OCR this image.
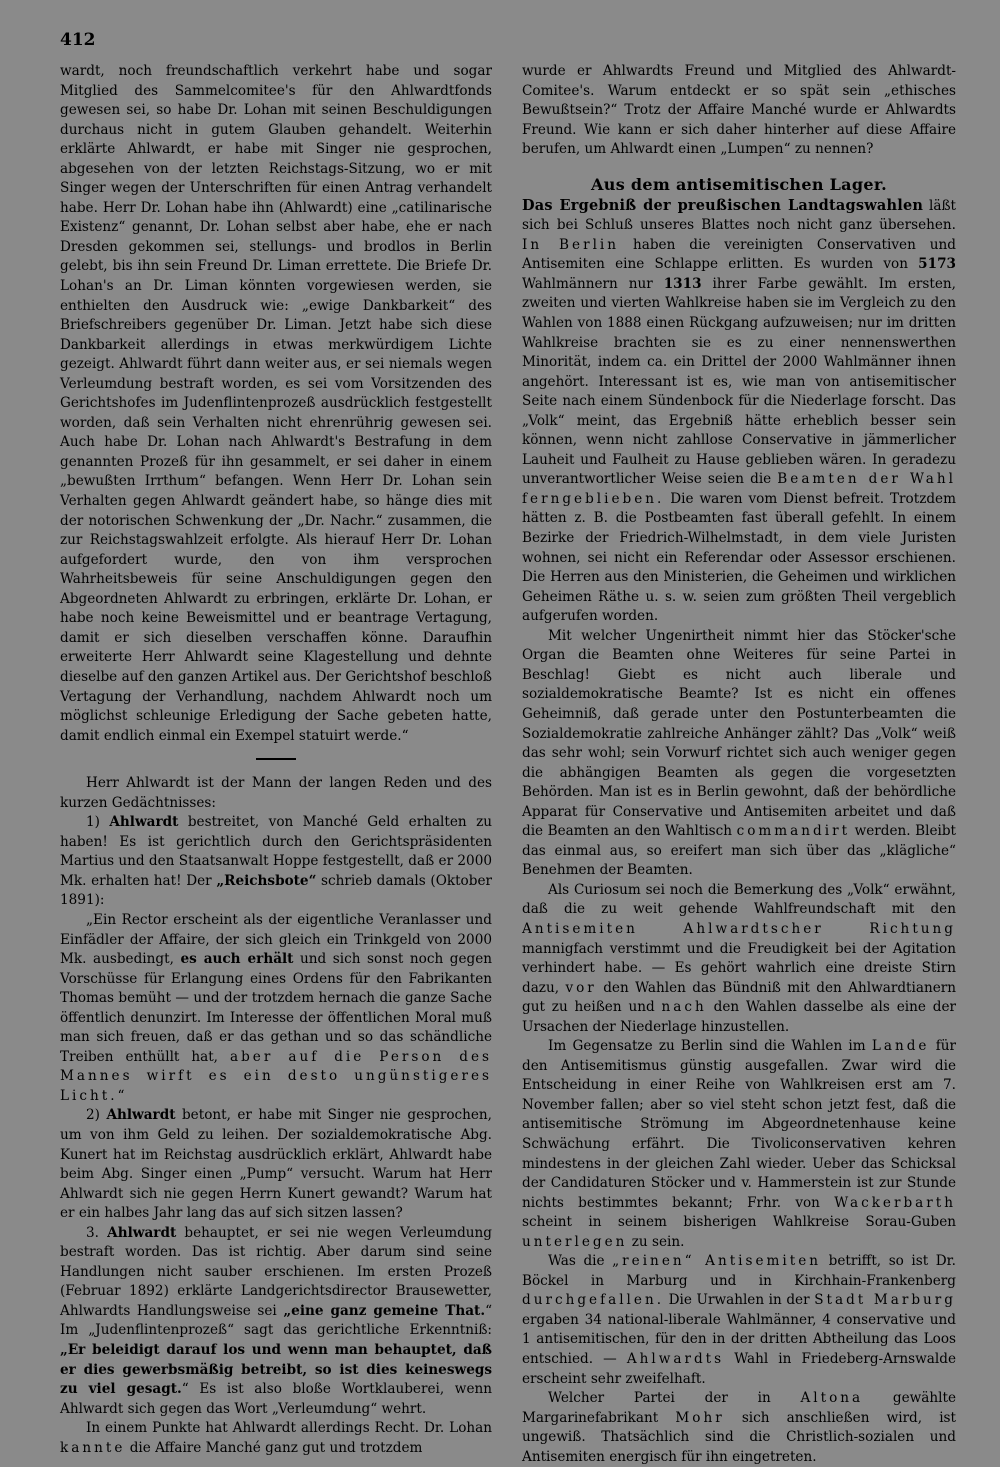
412

wardt, noch freundschaftlich verkehrt habe und sogar Mitglied des Sammelcomitee's für den Ahlwardtfonds gewesen sei, so habe Dr. Lohan mit seinen Beschuldigungen durchaus nicht in gutem Glauben gehandelt. Weiterhin erklärte Ahlwardt, er habe mit Singer nie gesprochen, abgesehen von der letzten Reichstags-Sitzung, wo er mit Singer wegen der Unterschriften für einen Antrag verhandelt habe. Herr Dr. Lohan habe ihn (Ahlwardt) eine „catilinarische Existenz“ genannt, Dr. Lohan selbst aber habe, ehe er nach Dresden gekommen sei, stellungs- und brodlos in Berlin gelebt, bis ihn sein Freund Dr. Liman errettete. Die Briefe Dr. Lohan's an Dr. Liman könnten vorgewiesen werden, sie enthielten den Ausdruck wie: „ewige Dankbarkeit“ des Briefschreibers gegenüber Dr. Liman. Jetzt habe sich diese Dankbarkeit allerdings in etwas merkwürdigem Lichte gezeigt. Ahlwardt führt dann weiter aus, er sei niemals wegen Verleumdung bestraft worden, es sei vom Vorsitzenden des Gerichtshofes im Judenflintenprozeß ausdrücklich festgestellt worden, daß sein Verhalten nicht ehrenrührig gewesen sei. Auch habe Dr. Lohan nach Ahlwardt's Bestrafung in dem genannten Prozeß für ihn gesammelt, er sei daher in einem „bewußten Irrthum“ befangen. Wenn Herr Dr. Lohan sein Verhalten gegen Ahlwardt geändert habe, so hänge dies mit der notorischen Schwenkung der „Dr. Nachr.“ zusammen, die zur Reichstagswahlzeit erfolgte. Als hierauf Herr Dr. Lohan aufgefordert wurde, den von ihm versprochen Wahrheitsbeweis für seine Anschuldigungen gegen den Abgeordneten Ahlwardt zu erbringen, erklärte Dr. Lohan, er habe noch keine Beweismittel und er beantrage Vertagung, damit er sich dieselben verschaffen könne. Daraufhin erweiterte Herr Ahlwardt seine Klagestellung und dehnte dieselbe auf den ganzen Artikel aus. Der Gerichtshof beschloß Vertagung der Verhandlung, nachdem Ahlwardt noch um möglichst schleunige Erledigung der Sache gebeten hatte, damit endlich einmal ein Exempel statuirt werde.“

Herr Ahlwardt ist der Mann der langen Reden und des kurzen Gedächtnisses:

1) Ahlwardt bestreitet, von Manché Geld erhalten zu haben! Es ist gerichtlich durch den Gerichtspräsidenten Martius und den Staatsanwalt Hoppe festgestellt, daß er 2000 Mk. erhalten hat! Der „Reichsbote“ schrieb damals (Oktober 1891):

„Ein Rector erscheint als der eigentliche Veranlasser und Einfädler der Affaire, der sich gleich ein Trinkgeld von 2000 Mk. ausbedingt, es auch erhält und sich sonst noch gegen Vorschüsse für Erlangung eines Ordens für den Fabrikanten Thomas bemüht — und der trotzdem hernach die ganze Sache öffentlich denunzirt. Im Interesse der öffentlichen Moral muß man sich freuen, daß er das gethan und so das schändliche Treiben enthüllt hat, aber auf die Person des Mannes wirft es ein desto ungünstigeres Licht.“

2) Ahlwardt betont, er habe mit Singer nie gesprochen, um von ihm Geld zu leihen. Der sozialdemokratische Abg. Kunert hat im Reichstag ausdrücklich erklärt, Ahlwardt habe beim Abg. Singer einen „Pump“ versucht. Warum hat Herr Ahlwardt sich nie gegen Herrn Kunert gewandt? Warum hat er ein halbes Jahr lang das auf sich sitzen lassen?

3. Ahlwardt behauptet, er sei nie wegen Verleumdung bestraft worden. Das ist richtig. Aber darum sind seine Handlungen nicht sauber erschienen. Im ersten Prozeß (Februar 1892) erklärte Landgerichtsdirector Brausewetter, Ahlwardts Handlungsweise sei „eine ganz gemeine That.“ Im „Judenflintenprozeß“ sagt das gerichtliche Erkenntniß: „Er beleidigt darauf los und wenn man behauptet, daß er dies gewerbsmäßig betreibt, so ist dies keineswegs zu viel gesagt.“ Es ist also bloße Wortklauberei, wenn Ahlwardt sich gegen das Wort „Verleumdung“ wehrt.

In einem Punkte hat Ahlwardt allerdings Recht. Dr. Lohan kannte die Affaire Manché ganz gut und trotzdem

wurde er Ahlwardts Freund und Mitglied des Ahlwardt-Comitee's. Warum entdeckt er so spät sein „ethisches Bewußtsein?“ Trotz der Affaire Manché wurde er Ahlwardts Freund. Wie kann er sich daher hinterher auf diese Affaire berufen, um Ahlwardt einen „Lumpen“ zu nennen?

Aus dem antisemitischen Lager.

Das Ergebniß der preußischen Landtagswahlen läßt sich bei Schluß unseres Blattes noch nicht ganz übersehen. In Berlin haben die vereinigten Conservativen und Antisemiten eine Schlappe erlitten. Es wurden von 5173 Wahlmännern nur 1313 ihrer Farbe gewählt. Im ersten, zweiten und vierten Wahlkreise haben sie im Vergleich zu den Wahlen von 1888 einen Rückgang aufzuweisen; nur im dritten Wahlkreise brachten sie es zu einer nennenswerthen Minorität, indem ca. ein Drittel der 2000 Wahlmänner ihnen angehört. Interessant ist es, wie man von antisemitischer Seite nach einem Sündenbock für die Niederlage forscht. Das „Volk“ meint, das Ergebniß hätte erheblich besser sein können, wenn nicht zahllose Conservative in jämmerlicher Lauheit und Faulheit zu Hause geblieben wären. In geradezu unverantwortlicher Weise seien die Beamten der Wahl ferngeblieben. Die waren vom Dienst befreit. Trotzdem hätten z. B. die Postbeamten fast überall gefehlt. In einem Bezirke der Friedrich-Wilhelmstadt, in dem viele Juristen wohnen, sei nicht ein Referendar oder Assessor erschienen. Die Herren aus den Ministerien, die Geheimen und wirklichen Geheimen Räthe u. s. w. seien zum größten Theil vergeblich aufgerufen worden.

Mit welcher Ungenirtheit nimmt hier das Stöcker'sche Organ die Beamten ohne Weiteres für seine Partei in Beschlag! Giebt es nicht auch liberale und sozialdemokratische Beamte? Ist es nicht ein offenes Geheimniß, daß gerade unter den Postunterbeamten die Sozialdemokratie zahlreiche Anhänger zählt? Das „Volk“ weiß das sehr wohl; sein Vorwurf richtet sich auch weniger gegen die abhängigen Beamten als gegen die vorgesetzten Behörden. Man ist es in Berlin gewohnt, daß der behördliche Apparat für Conservative und Antisemiten arbeitet und daß die Beamten an den Wahltisch commandirt werden. Bleibt das einmal aus, so ereifert man sich über das „klägliche“ Benehmen der Beamten.

Als Curiosum sei noch die Bemerkung des „Volk“ erwähnt, daß die zu weit gehende Wahlfreundschaft mit den Antisemiten Ahlwardtscher Richtung mannigfach verstimmt und die Freudigkeit bei der Agitation verhindert habe. — Es gehört wahrlich eine dreiste Stirn dazu, vor den Wahlen das Bündniß mit den Ahlwardtianern gut zu heißen und nach den Wahlen dasselbe als eine der Ursachen der Niederlage hinzustellen.

Im Gegensatze zu Berlin sind die Wahlen im Lande für den Antisemitismus günstig ausgefallen. Zwar wird die Entscheidung in einer Reihe von Wahlkreisen erst am 7. November fallen; aber so viel steht schon jetzt fest, daß die antisemitische Strömung im Abgeordnetenhause keine Schwächung erfährt. Die Tivoliconservativen kehren mindestens in der gleichen Zahl wieder. Ueber das Schicksal der Candidaturen Stöcker und v. Hammerstein ist zur Stunde nichts bestimmtes bekannt; Frhr. von Wackerbarth scheint in seinem bisherigen Wahlkreise Sorau-Guben unterlegen zu sein.

Was die „reinen“ Antisemiten betrifft, so ist Dr. Böckel in Marburg und in Kirchhain-Frankenberg durchgefallen. Die Urwahlen in der Stadt Marburg ergaben 34 national-liberale Wahlmänner, 4 conservative und 1 antisemitischen, für den in der dritten Abtheilung das Loos entschied. — Ahlwardts Wahl in Friedeberg-Arnswalde erscheint sehr zweifelhaft.

Welcher Partei der in Altona gewählte Margarinefabrikant Mohr sich anschließen wird, ist ungewiß. Thatsächlich sind die Christlich-sozialen und Antisemiten energisch für ihn eingetreten.
